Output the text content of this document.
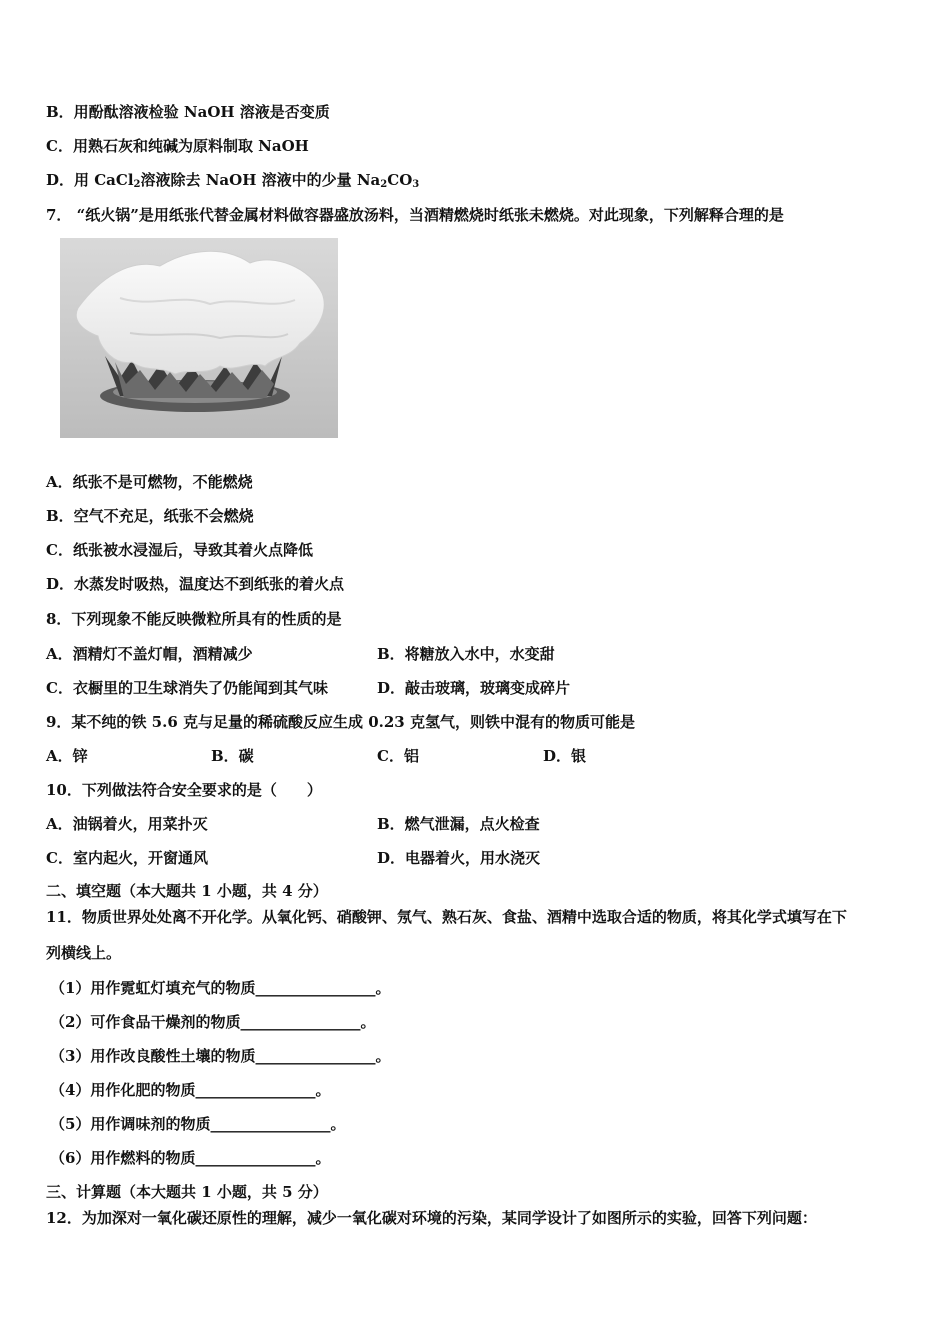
B．用酚酞溶液检验 NaOH 溶液是否变质
C．用熟石灰和纯碱为原料制取 NaOH
D．用 CaCl$_2$溶液除去 NaOH 溶液中的少量 $Na_2CO_3$
7． “纸火锅”是用纸张代替金属材料做容器盛放汤料，当酒精燃烧时纸张未燃烧。对此现象，下列解释合理的是
A．纸张不是可燃物，不能燃烧
B．空气不充足，纸张不会燃烧
C．纸张被水浸湿后，导致其着火点降低
D．水蒸发时吸热，温度达不到纸张的着火点
8．下列现象不能反映微粒所具有的性质的是
A．酒精灯不盖灯帽，酒精减少	B．将糖放入水中，水变甜
C．衣橱里的卫生球消失了仍能闻到其气味	D．敲击玻璃，玻璃变成碎片
9．某不纯的铁 5.6 克与足量的稀硫酸反应生成 0.23 克氢气，则铁中混有的物质可能是
A．锌	B．碳	C．铝	D．银
10．下列做法符合安全要求的是（　　）
A．油锅着火，用菜扑灭	B．燃气泄漏，点火检查
C．室内起火，开窗通风	D．电器着火，用水浇灭
二、填空题（本大题共 1 小题，共 4 分）
11．物质世界处处离不开化学。从氧化钙、硝酸钾、氖气、熟石灰、食盐、酒精中选取合适的物质，将其化学式填写在下
列横线上。
（1）用作霓虹灯填充气的物质________________。
（2）可作食品干燥剂的物质________________。
（3）用作改良酸性土壤的物质________________。
（4）用作化肥的物质________________。
（5）用作调味剂的物质________________。
（6）用作燃料的物质________________。
三、计算题（本大题共 1 小题，共 5 分）
12．为加深对一氧化碳还原性的理解，减少一氧化碳对环境的污染，某同学设计了如图所示的实验，回答下列问题：
